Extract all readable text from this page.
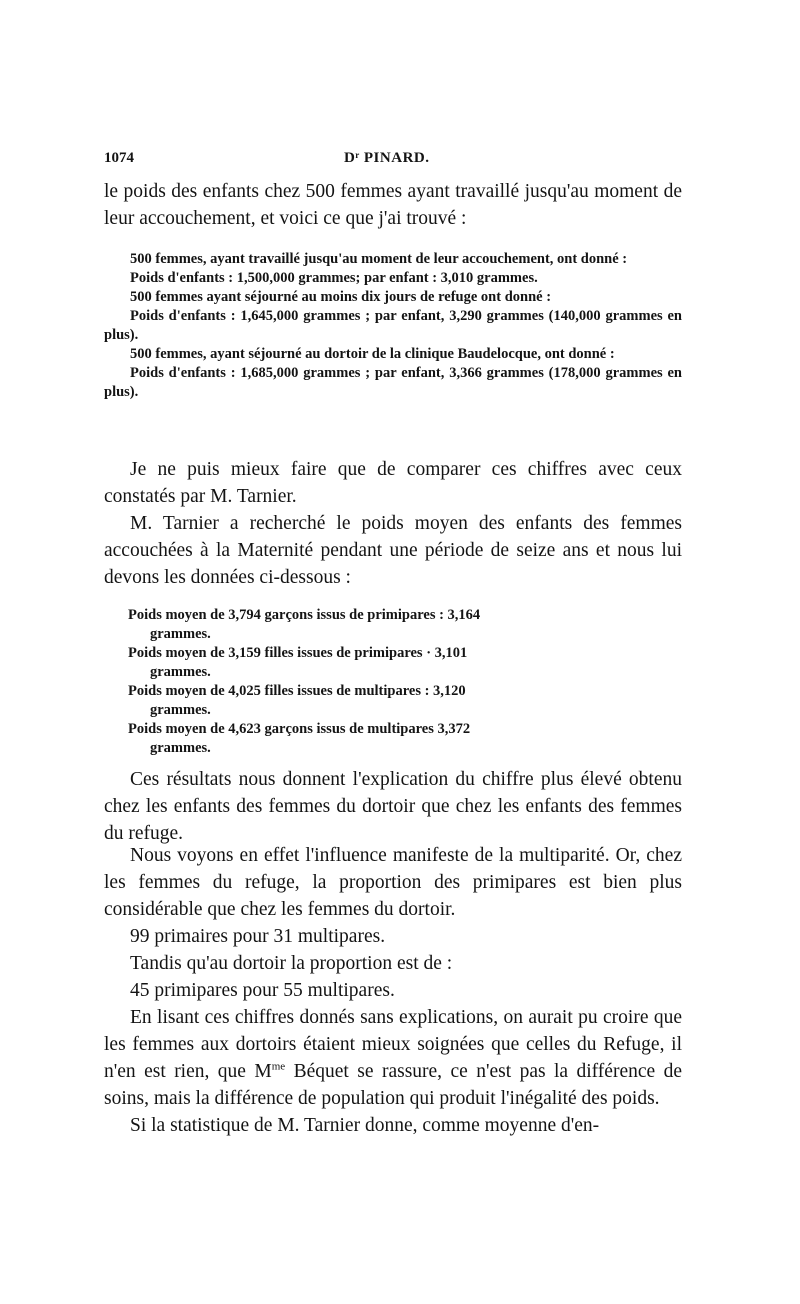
1074	Dʳ PINARD.

le poids des enfants chez 500 femmes ayant travaillé jusqu'au moment de leur accouchement, et voici ce que j'ai trouvé :

500 femmes, ayant travaillé jusqu'au moment de leur accouchement, ont donné :

Poids d'enfants : 1,500,000 grammes; par enfant : 3,010 grammes.

500 femmes ayant séjourné au moins dix jours de refuge ont donné :

Poids d'enfants : 1,645,000 grammes ; par enfant, 3,290 grammes (140,000 grammes en plus).

500 femmes, ayant séjourné au dortoir de la clinique Baudelocque, ont donné :

Poids d'enfants : 1,685,000 grammes ; par enfant, 3,366 grammes (178,000 grammes en plus).

Je ne puis mieux faire que de comparer ces chiffres avec ceux constatés par M. Tarnier.

M. Tarnier a recherché le poids moyen des enfants des femmes accouchées à la Maternité pendant une période de seize ans et nous lui devons les données ci-dessous :

Poids moyen de 3,794 garçons issus de primipares : 3,164 grammes.

Poids moyen de 3,159 filles issues de primipares · 3,101 grammes.

Poids moyen de 4,025 filles issues de multipares : 3,120 grammes.

Poids moyen de 4,623 garçons issus de multipares 3,372 grammes.

Ces résultats nous donnent l'explication du chiffre plus élevé obtenu chez les enfants des femmes du dortoir que chez les enfants des femmes du refuge.

Nous voyons en effet l'influence manifeste de la multiparité. Or, chez les femmes du refuge, la proportion des primipares est bien plus considérable que chez les femmes du dortoir.

99 primaires pour 31 multipares.

Tandis qu'au dortoir la proportion est de :

45 primipares pour 55 multipares.

En lisant ces chiffres donnés sans explications, on aurait pu croire que les femmes aux dortoirs étaient mieux soignées que celles du Refuge, il n'en est rien, que $M^{me}$ Béquet se rassure, ce n'est pas la différence de soins, mais la différence de population qui produit l'inégalité des poids.

Si la statistique de M. Tarnier donne, comme moyenne d'en-
